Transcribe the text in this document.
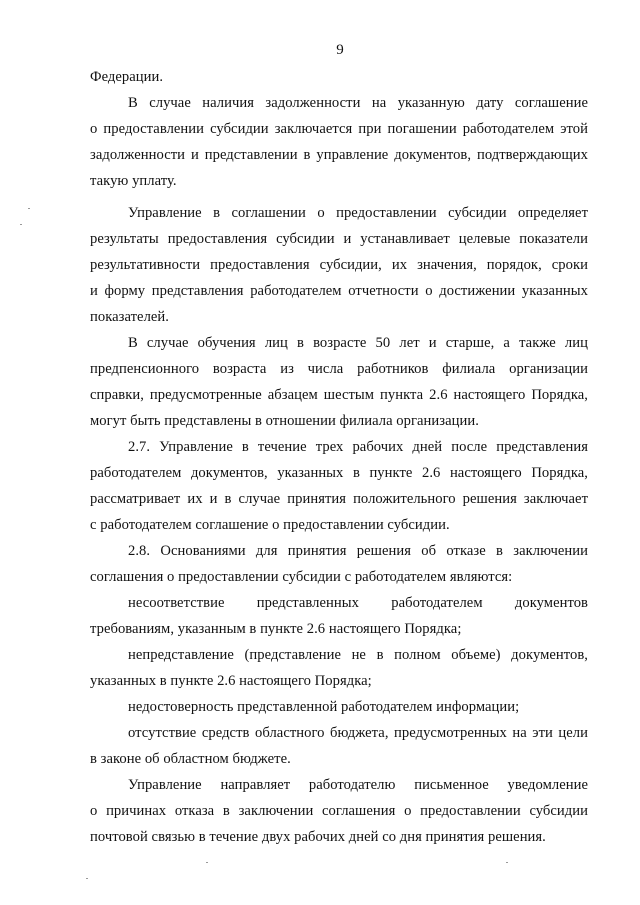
9
Федерации.
В случае наличия задолженности на указанную дату соглашение
о предоставлении субсидии заключается при погашении работодателем этой
задолженности и представлении в управление документов, подтверждающих
такую уплату.
Управление в соглашении о предоставлении субсидии определяет
результаты предоставления субсидии и устанавливает целевые показатели
результативности предоставления субсидии, их значения, порядок, сроки
и форму представления работодателем отчетности о достижении указанных
показателей.
В случае обучения лиц в возрасте 50 лет и старше, а также лиц
предпенсионного возраста из числа работников филиала организации
справки, предусмотренные абзацем шестым пункта 2.6 настоящего Порядка,
могут быть представлены в отношении филиала организации.
2.7. Управление в течение трех рабочих дней после представления
работодателем документов, указанных в пункте 2.6 настоящего Порядка,
рассматривает их и в случае принятия положительного решения заключает
с работодателем соглашение о предоставлении субсидии.
2.8. Основаниями для принятия решения об отказе в заключении
соглашения о предоставлении субсидии с работодателем являются:
несоответствие представленных работодателем документов
требованиям, указанным в пункте 2.6 настоящего Порядка;
непредставление (представление не в полном объеме) документов,
указанных в пункте 2.6 настоящего Порядка;
недостоверность представленной работодателем информации;
отсутствие средств областного бюджета, предусмотренных на эти цели
в законе об областном бюджете.
Управление направляет работодателю письменное уведомление
о причинах отказа в заключении соглашения о предоставлении субсидии
почтовой связью в течение двух рабочих дней со дня принятия решения.
